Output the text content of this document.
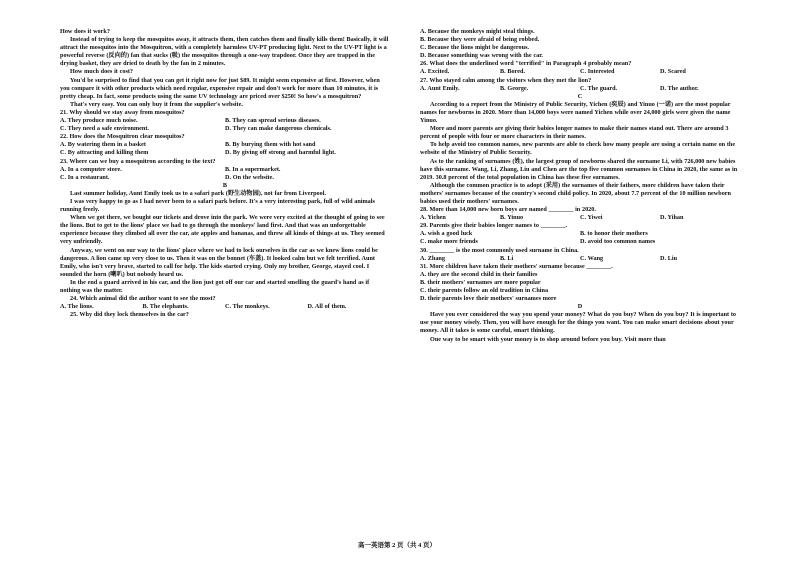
How does it work?

Instead of trying to keep the mosquitos away, it attracts them, then catches them and finally kills them! Basically, it will attract the mosquitos into the Mosquitron, with a completely harmless UV-PT producing light. Next to the UV-PT light is a powerful reverse (反向的) fan that sucks (吸) the mosquitos through a one-way trapdoor. Once they are trapped in the drying basket, they are dried to death by the fan in 2 minutes.

How much does it cost?

You'd be surprised to find that you can get it right now for just $89. It might seem expensive at first. However, when you compare it with other products which need regular, expensive repair and don't work for more than 10 minutes, it is pretty cheap. In fact, some products using the same UV technology are priced over $250! So how's a mosquitron?

That's very easy. You can only buy it from the supplier's website.

21. Why should we stay away from mosquitos?

A. They produce much noise.	B. They can spread serious diseases.
C. They need a safe environment.	D. They can make dangerous chemicals.

22. How does the Mosquitron clear mosquitos?

A. By watering them in a basket	B. By burying them with hot sand
C. By attracting and killing them	D. By giving off strong and harmful light.

23. Where can we buy a mosquitron according to the text?

A. In a computer store.	B. In a supermarket.
C. In a restaurant.	D. On the website.

B

Last summer holiday, Aunt Emily took us to a safari park (野生动物园), not far from Liverpool.

I was very happy to go as I had never been to a safari park before. It's a very interesting park, full of wild animals running freely.

When we got there, we bought our tickets and drove into the park. We were very excited at the thought of going to see the lions. But to get to the lions' place we had to go through the monkeys' land first. And that was an unforgettable experience because they climbed all over the car, ate apples and bananas, and threw all kinds of things at us. They seemed very unfriendly.

Anyway, we went on our way to the lions' place where we had to lock ourselves in the car as we knew lions could be dangerous. A lion came up very close to us. Then it was on the bonnet (车盖). It looked calm but we felt terrified. Aunt Emily, who isn't very brave, started to call for help. The kids started crying. Only my brother, George, stayed cool. I sounded the horn (喇叭) but nobody heard us.

In the end a guard arrived in his car, and the lion just got off our car and started smelling the guard's hand as if nothing was the matter.

24. Which animal did the author want to see the most?

A. The lions.	B. The elephants.	C. The monkeys.	D. All of them.

25. Why did they lock themselves in the car?

A. Because the monkeys might steal things.

B. Because they were afraid of being robbed.

C. Because the lions might be dangerous.

D. Because something was wrong with the car.

26. What does the underlined word "terrified" in Paragraph 4 probably mean?

A. Excited.	B. Bored.	C. Interested	D. Scared

27. Who stayed calm among the visitors when they met the lion?

A. Aunt Emily.	B. George.	C. The guard.	D. The author.

C

According to a report from the Ministry of Public Security, Yichen (奕辰) and Yinuo (一诺) are the most popular names for newborns in 2020. More than 14,000 boys were named Yichen while over 24,000 girls were given the name Yinuo.

More and more parents are giving their babies longer names to make their names stand out. There are around 3 percent of people with four or more characters in their names.

To help avoid too common names, new parents are able to check how many people are using a certain name on the website of the Ministry of Public Security.

As to the ranking of surnames (姓), the largest group of newborns shared the surname Li, with 726,000 new babies have this surname. Wang, Li, Zhang, Liu and Chen are the top five common surnames in China in 2020, the same as in 2019. 30.8 percent of the total population in China has these five surnames.

Although the common practice is to adopt (采用) the surnames of their fathers, more children have taken their mothers' surnames because of the country's second child policy. In 2020, about 7.7 percent of the 10 million newborn babies used their mothers' surnames.

28. More than 14,000 new born boys are named ________ in 2020.

A. Yichen	B. Yinuo	C. Yiwei	D. Yihan

29. Parents give their babies longer names to ________.

A. wish a good luck	B. to honor their mothers
C. make more friends	D. avoid too common names

30. ________ is the most commonly used surname in China.

A. Zhang	B. Li	C. Wang	D. Liu

31. More children have taken their mothers' surname because ________.

A. they are the second child in their families

B. their mothers' surnames are more popular

C. their parents follow an old tradition in China

D. their parents love their mothers' surnames more

D

Have you ever considered the way you spend your money? What do you buy? When do you buy? It is important to use your money wisely. Then, you will have enough for the things you want. You can make smart decisions about your money. All it takes is some careful, smart thinking.

One way to be smart with your money is to shop around before you buy. Visit more than

高一英语第 2 页（共 4 页）
